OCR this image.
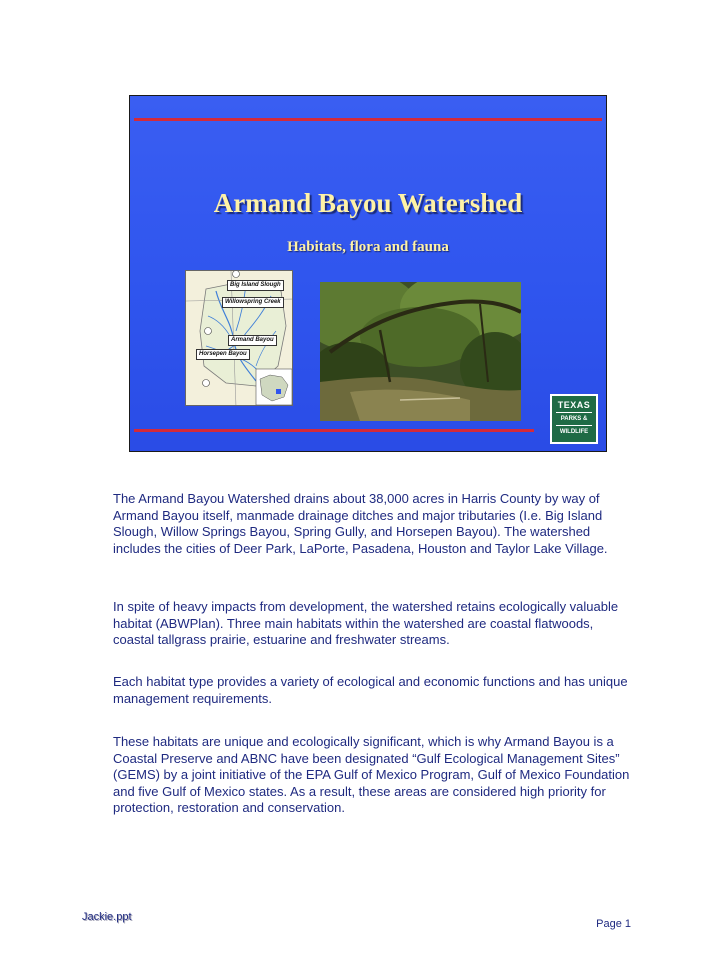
Armand Bayou Watershed
Habitats, flora and fauna
Big Island Slough
Willowspring Creek
Armand Bayou
Horsepen Bayou
TEXAS
PARKS &
WILDLIFE

The Armand Bayou Watershed drains about 38,000 acres in Harris County by way of Armand Bayou itself, manmade drainage ditches and major tributaries (I.e. Big Island Slough, Willow Springs Bayou, Spring Gully, and Horsepen Bayou). The watershed includes the cities of Deer Park, LaPorte, Pasadena, Houston and Taylor Lake Village.

In spite of heavy impacts from development, the watershed retains ecologically valuable habitat (ABWPlan). Three main habitats within the watershed are coastal flatwoods, coastal tallgrass prairie, estuarine and freshwater streams.

Each habitat type provides a variety of ecological and economic functions and has unique management requirements.

These habitats are unique and ecologically significant, which is why Armand Bayou is a Coastal Preserve and ABNC have been designated “Gulf Ecological Management Sites” (GEMS) by a joint initiative of the EPA Gulf of Mexico Program, Gulf of Mexico Foundation and five Gulf of Mexico states. As a result, these areas are considered high priority for protection, restoration and conservation.

Jackie.ppt
Page 1
